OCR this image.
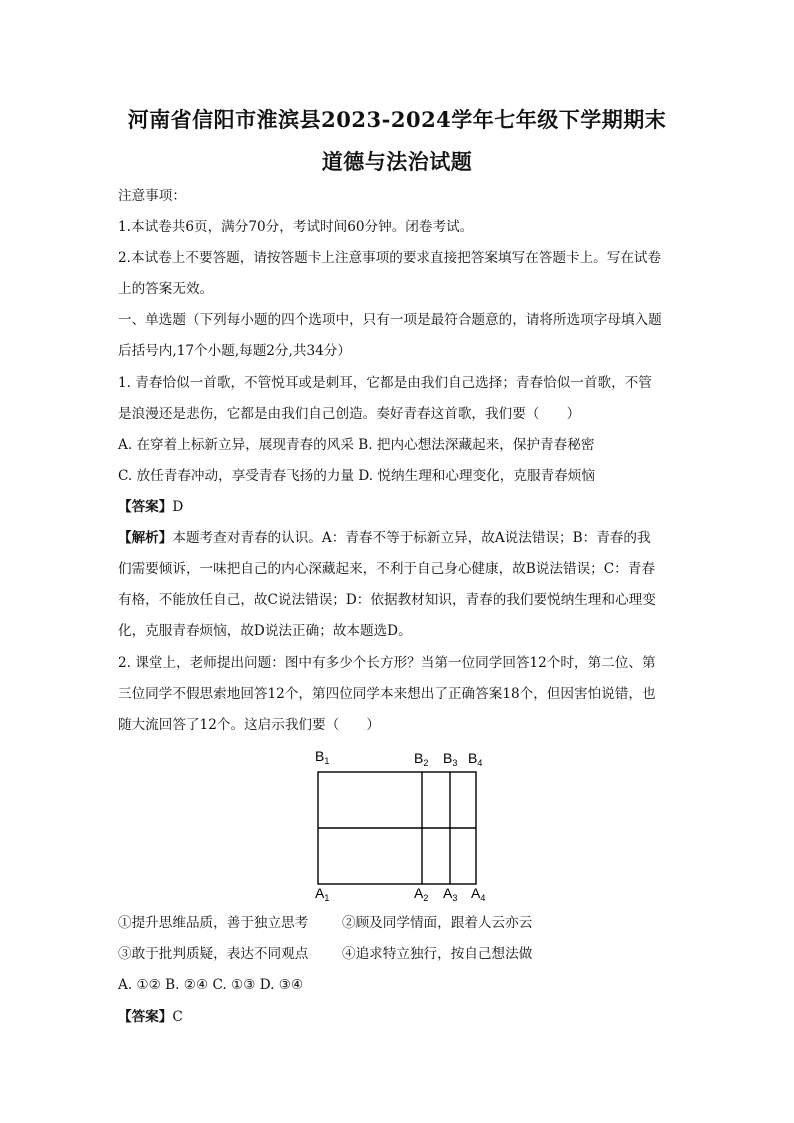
河南省信阳市淮滨县2023-2024学年七年级下学期期末
道德与法治试题
注意事项：
1.本试卷共6页，满分70分，考试时间60分钟。闭卷考试。
2.本试卷上不要答题，请按答题卡上注意事项的要求直接把答案填写在答题卡上。写在试卷
上的答案无效。
一、单选题（下列每小题的四个选项中，只有一项是最符合题意的，请将所选项字母填入题
后括号内,17个小题,每题2分,共34分）
1. 青春恰似一首歌，不管悦耳或是刺耳，它都是由我们自己选择；青春恰似一首歌，不管
是浪漫还是悲伤，它都是由我们自己创造。奏好青春这首歌，我们要（　　）
A. 在穿着上标新立异，展现青春的风采 B. 把内心想法深藏起来，保护青春秘密
C. 放任青春冲动，享受青春飞扬的力量 D. 悦纳生理和心理变化，克服青春烦恼
【答案】D
【解析】本题考查对青春的认识。A：青春不等于标新立异，故A说法错误；B：青春的我
们需要倾诉，一味把自己的内心深藏起来，不利于自己身心健康，故B说法错误；C：青春
有格，不能放任自己，故C说法错误；D：依据教材知识，青春的我们要悦纳生理和心理变
化，克服青春烦恼，故D说法正确；故本题选D。
2. 课堂上，老师提出问题：图中有多少个长方形？当第一位同学回答12个时，第二位、第
三位同学不假思索地回答12个，第四位同学本来想出了正确答案18个，但因害怕说错，也
随大流回答了12个。这启示我们要（　　）
$B_1$	$B_2$ $B_3$ $B_4$
$A_1$	$A_2$ $A_3$ $A_4$
①提升思维品质，善于独立思考 ②顾及同学情面，跟着人云亦云
③敢于批判质疑，表达不同观点 ④追求特立独行，按自己想法做
A. ①② B. ②④ C. ①③ D. ③④
【答案】C
